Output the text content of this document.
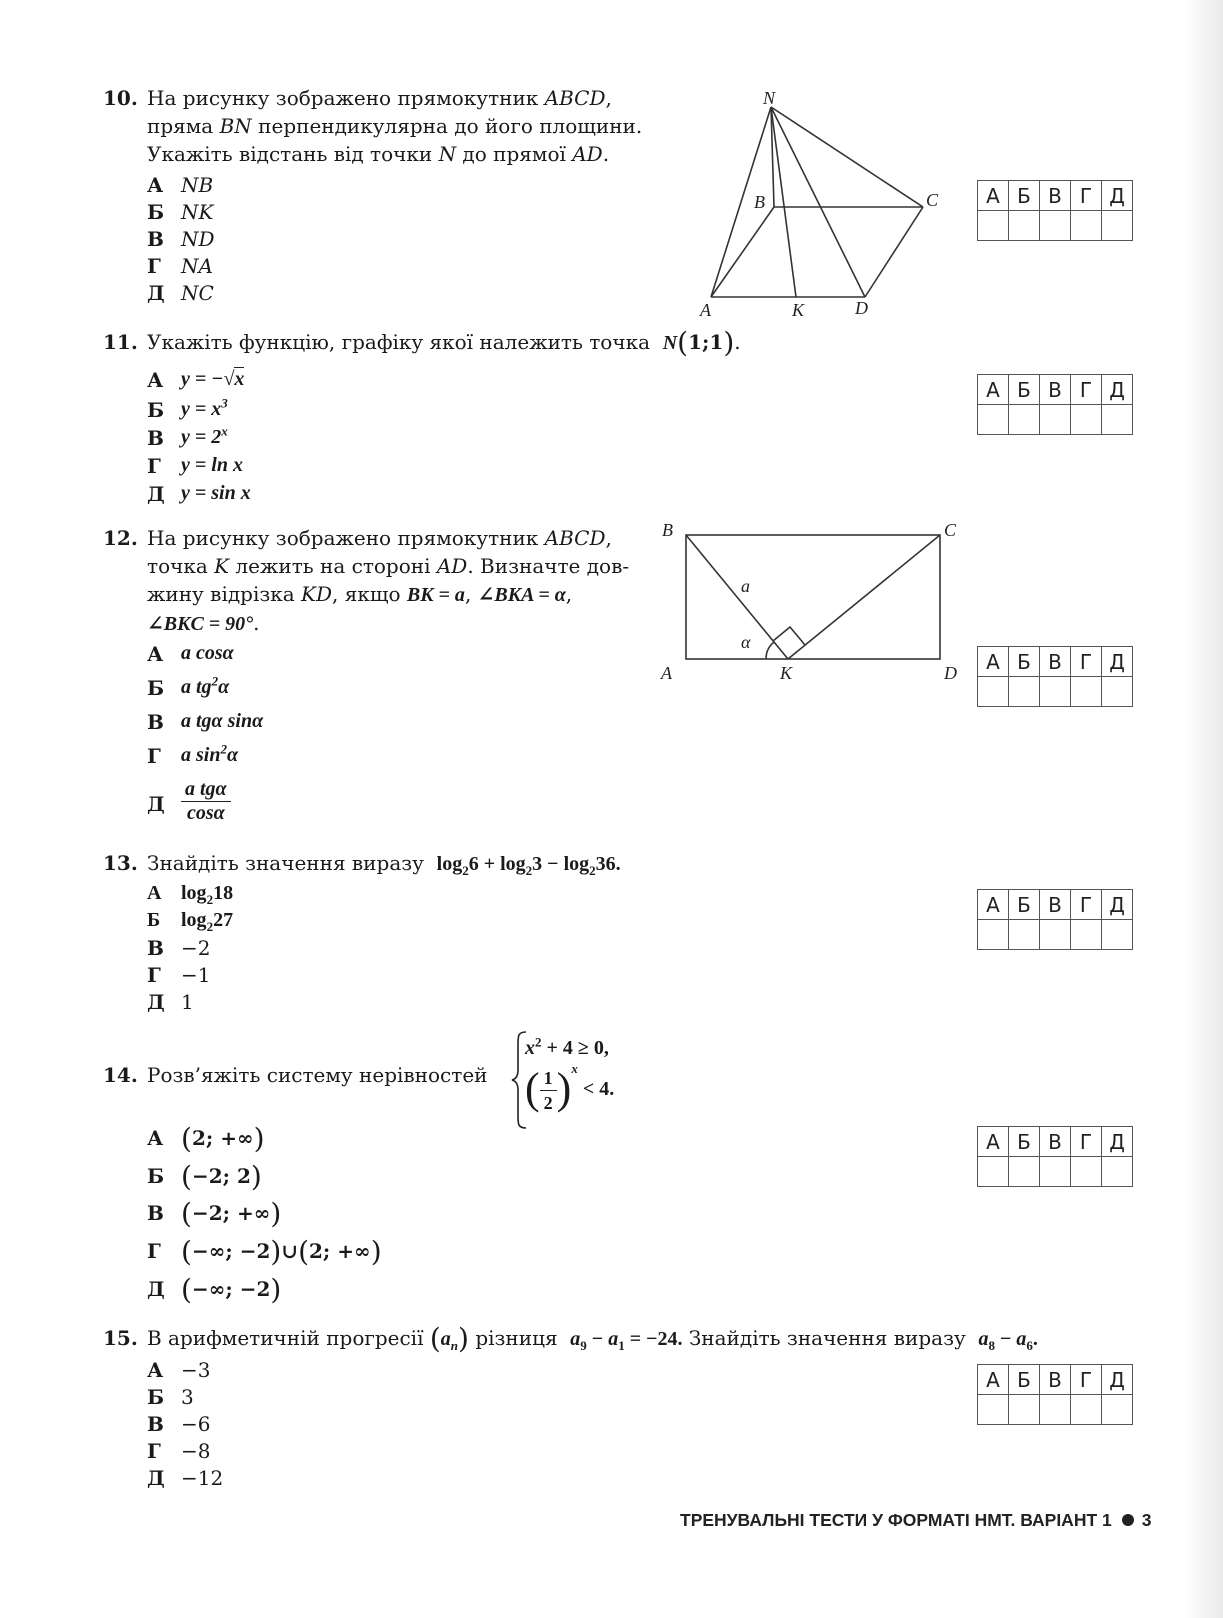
10. На рисунку зображено прямокутник ABCD,
пряма BN перпендикулярна до його площини.
Укажіть відстань від точки N до прямої AD.
А NB
Б NK
В ND
Г NA
Д NC
N
B	C
A	K	D
А	Б	В	Г	Д

11. Укажіть функцію, графіку якої належить точка N(1;1).
А y = −√x
Б $y = x^3$
В $y = 2^x$
Г y = ln x
Д y = sin x
А	Б	В	Г	Д

12. На рисунку зображено прямокутник ABCD,
точка K лежить на стороні AD. Визначте дов-
жину відрізка KD, якщо BK = a, ∠BKA = α,
∠BKC = 90°.
А a cosα
Б a $tg^2\alpha$
В a tgα sinα
Г a $\sin^2\alpha$
Д
a tgα
cosα
B	C
A	K	D
a
α
А	Б	В	Г	Д

13. Знайдіть значення виразу $\log_26 + \log_23 - \log_236$.
А $\log_218$
Б $\log_227$
В −2
Г −1
Д 1
А	Б	В	Г	Д

14. Розв’яжіть систему нерівностей
$x^2 + 4 \ge 0$,
( $\frac{1}{2} )^x < 4$.
А (2; +∞)
Б (−2; 2)
В (−2; +∞)
Г (−∞; −2)∪(2; +∞)
Д (−∞; −2)
А	Б	В	Г	Д

15. В арифметичній прогресії $(a_n)$ різниця $a_9 - a_1 = -24$. Знайдіть значення виразу $a_8 - a_6$.
А −3
Б 3
В −6
Г −8
Д −12
А	Б	В	Г	Д

ТРЕНУВАЛЬНІ ТЕСТИ У ФОРМАТІ НМТ. ВАРІАНТ 1 3
